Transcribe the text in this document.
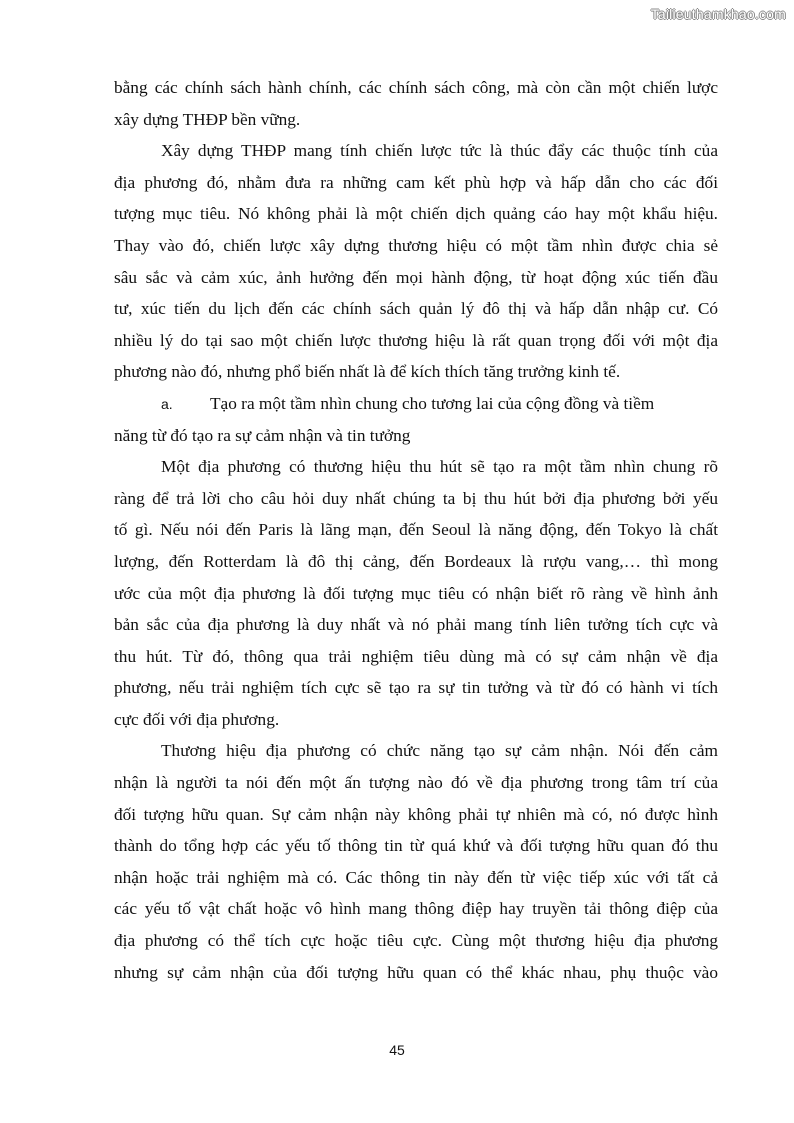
Tailieuthamkhao.com
bằng các chính sách hành chính, các chính sách công, mà còn cần một chiến lược
xây dựng THĐP bền vững.
Xây dựng THĐP mang tính chiến lược tức là thúc đẩy các thuộc tính của
địa phương đó, nhằm đưa ra những cam kết phù hợp và hấp dẫn cho các đối
tượng mục tiêu. Nó không phải là một chiến dịch quảng cáo hay một khẩu hiệu.
Thay vào đó, chiến lược xây dựng thương hiệu có một tầm nhìn được chia sẻ
sâu sắc và cảm xúc, ảnh hưởng đến mọi hành động, từ hoạt động xúc tiến đầu
tư, xúc tiến du lịch đến các chính sách quản lý đô thị và hấp dẫn nhập cư. Có
nhiều lý do tại sao một chiến lược thương hiệu là rất quan trọng đối với một địa
phương nào đó, nhưng phổ biến nhất là để kích thích tăng trưởng kinh tế.
a. Tạo ra một tầm nhìn chung cho tương lai của cộng đồng và tiềm
năng từ đó tạo ra sự cảm nhận và tin tưởng
Một địa phương có thương hiệu thu hút sẽ tạo ra một tầm nhìn chung rõ
ràng để trả lời cho câu hỏi duy nhất chúng ta bị thu hút bởi địa phương bởi yếu
tố gì. Nếu nói đến Paris là lãng mạn, đến Seoul là năng động, đến Tokyo là chất
lượng, đến Rotterdam là đô thị cảng, đến Bordeaux là rượu vang,… thì mong
ước của một địa phương là đối tượng mục tiêu có nhận biết rõ ràng về hình ảnh
bản sắc của địa phương là duy nhất và nó phải mang tính liên tưởng tích cực và
thu hút. Từ đó, thông qua trải nghiệm tiêu dùng mà có sự cảm nhận về địa
phương, nếu trải nghiệm tích cực sẽ tạo ra sự tin tưởng và từ đó có hành vi tích
cực đối với địa phương.
Thương hiệu địa phương có chức năng tạo sự cảm nhận. Nói đến cảm
nhận là người ta nói đến một ấn tượng nào đó về địa phương trong tâm trí của
đối tượng hữu quan. Sự cảm nhận này không phải tự nhiên mà có, nó được hình
thành do tổng hợp các yếu tố thông tin từ quá khứ và đối tượng hữu quan đó thu
nhận hoặc trải nghiệm mà có. Các thông tin này đến từ việc tiếp xúc với tất cả
các yếu tố vật chất hoặc vô hình mang thông điệp hay truyền tải thông điệp của
địa phương có thể tích cực hoặc tiêu cực. Cùng một thương hiệu địa phương
nhưng sự cảm nhận của đối tượng hữu quan có thể khác nhau, phụ thuộc vào
45
